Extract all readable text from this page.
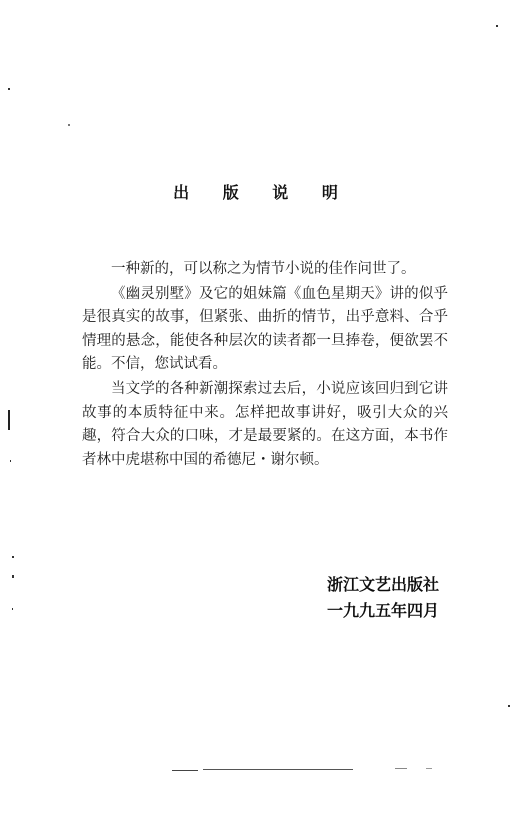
出 版 说 明

一种新的，可以称之为情节小说的佳作问世了。

《幽灵别墅》及它的姐妹篇《血色星期天》讲的似乎是很真实的故事，但紧张、曲折的情节，出乎意料、合乎情理的悬念，能使各种层次的读者都一旦捧卷，便欲罢不能。不信，您试试看。

当文学的各种新潮探索过去后，小说应该回归到它讲故事的本质特征中来。怎样把故事讲好，吸引大众的兴趣，符合大众的口味，才是最要紧的。在这方面，本书作者林中虎堪称中国的希德尼・谢尔顿。

浙江文艺出版社
一九九五年四月
